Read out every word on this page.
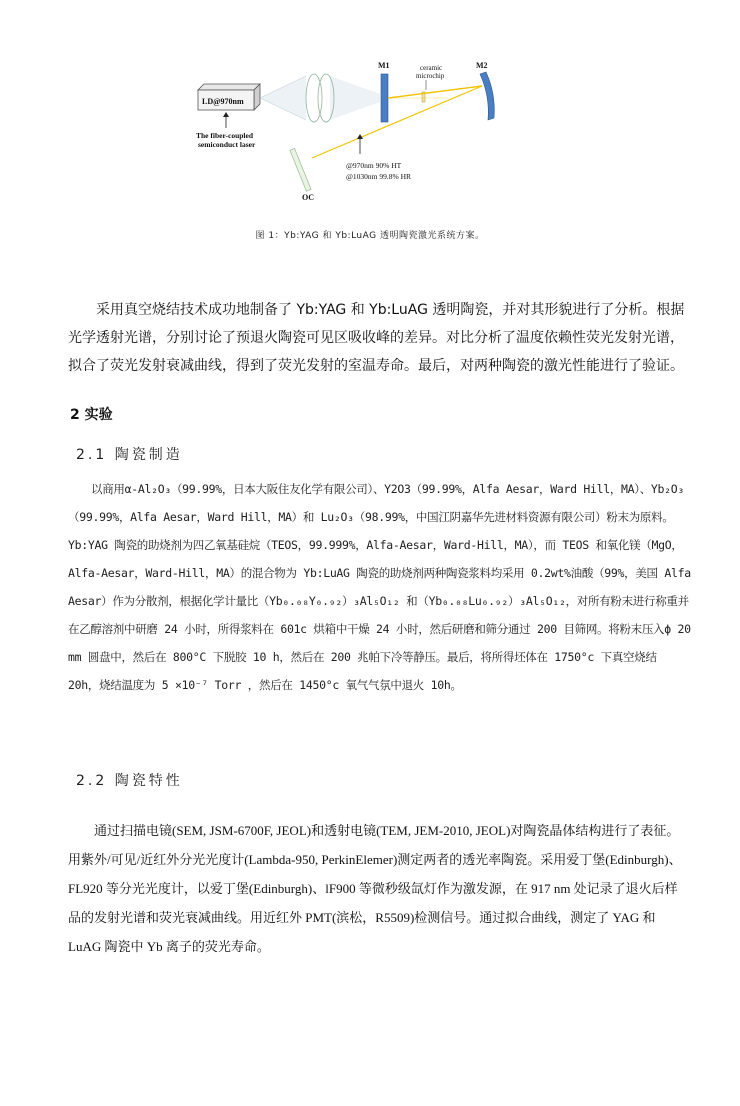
LD@970nm
The fiber-coupled
semiconduct laser
M1	ceramic
microchip
M2
@970nm 90% HT
@1030nm 99.8% HR
OC
图 1：Yb:YAG 和 Yb:LuAG 透明陶瓷激光系统方案。

采用真空烧结技术成功地制备了 Yb:YAG 和 Yb:LuAG 透明陶瓷，并对其形貌进行了分析。根据光学透射光谱，分别讨论了预退火陶瓷可见区吸收峰的差异。对比分析了温度依赖性荧光发射光谱，拟合了荧光发射衰减曲线，得到了荧光发射的室温寿命。最后，对两种陶瓷的激光性能进行了验证。

2 实验
2.1 陶瓷制造

以商用α-Al₂O₃（99.99%，日本大阪住友化学有限公司）、Y2O3（99.99%，Alfa Aesar，Ward Hill，MA）、Yb₂O₃（99.99%，Alfa Aesar，Ward Hill，MA）和 Lu₂O₃（98.99%，中国江阴嘉华先进材料资源有限公司）粉末为原料。Yb:YAG 陶瓷的助烧剂为四乙氧基硅烷（TEOS，99.999%，Alfa-Aesar，Ward-Hill，MA），而 TEOS 和氧化镁（MgO，Alfa-Aesar，Ward-Hill，MA）的混合物为 Yb:LuAG 陶瓷的助烧剂两种陶瓷浆料均采用 0.2wt%油酸（99%，美国 Alfa Aesar）作为分散剂，根据化学计量比（Yb₀.₀₈Y₀.₉₂）₃Al₅O₁₂ 和（Yb₀.₀₈Lu₀.₉₂）₃Al₅O₁₂，对所有粉末进行称重并在乙醇溶剂中研磨 24 小时，所得浆料在 601c 烘箱中干燥 24 小时，然后研磨和筛分通过 200 目筛网。将粉末压入ϕ 20 mm 圆盘中，然后在 800°C 下脱胶 10 h，然后在 200 兆帕下冷等静压。最后，将所得坯体在 1750°c 下真空烧结 20h，烧结温度为 5 ×10⁻⁷ Torr ，然后在 1450°c 氧气气氛中退火 10h。

2.2 陶瓷特性

通过扫描电镜(SEM, JSM-6700F, JEOL)和透射电镜(TEM, JEM-2010, JEOL)对陶瓷晶体结构进行了表征。用紫外/可见/近红外分光光度计(Lambda-950, PerkinElemer)测定两者的透光率陶瓷。采用爱丁堡(Edinburgh)、FL920 等分光光度计，以爱丁堡(Edinburgh)、lF900 等微秒级氙灯作为激发源，在 917 nm 处记录了退火后样品的发射光谱和荧光衰减曲线。用近红外 PMT(滨松，R5509)检测信号。通过拟合曲线，测定了 YAG 和 LuAG 陶瓷中 Yb 离子的荧光寿命。
